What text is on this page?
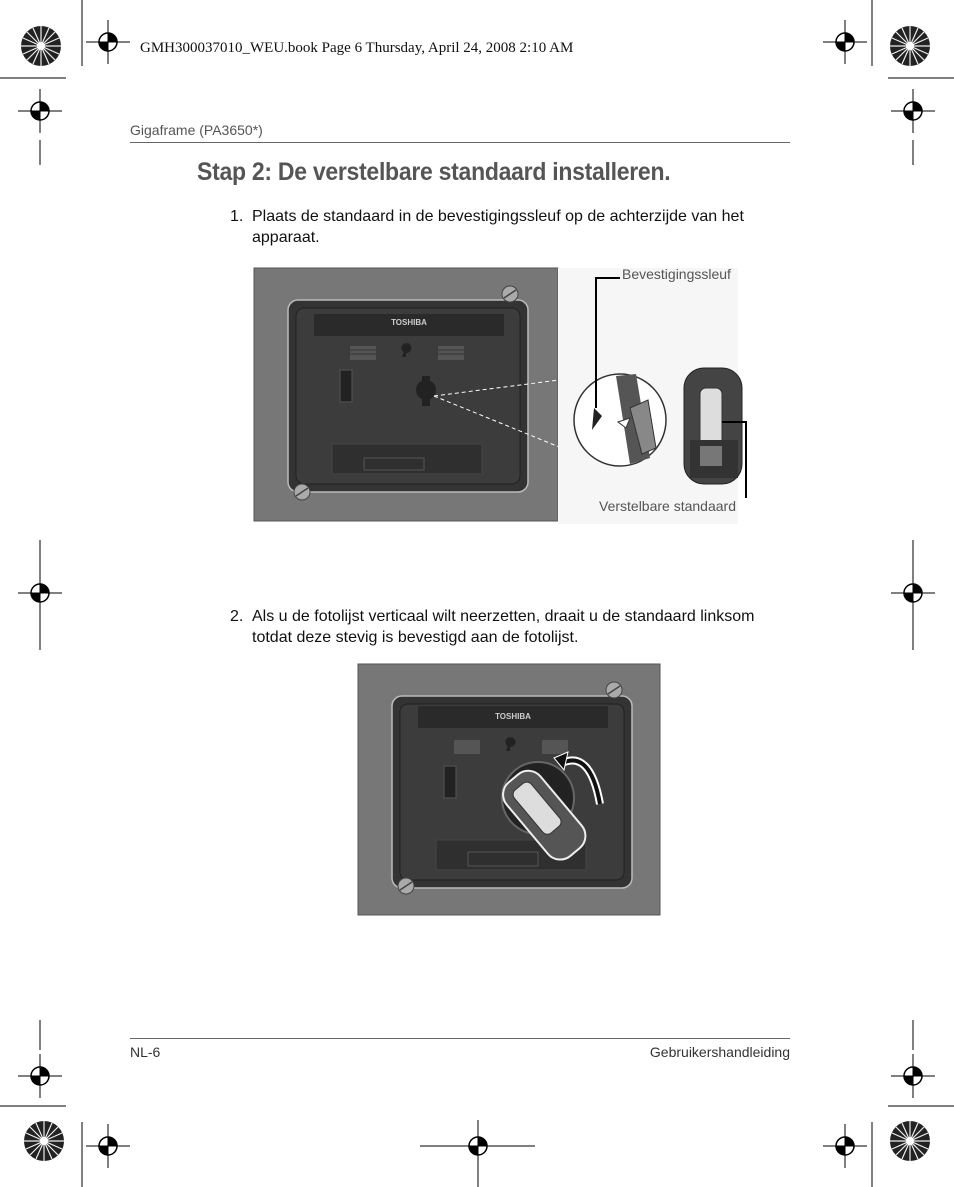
GMH300037010_WEU.book Page 6 Thursday, April 24, 2008 2:10 AM
Gigaframe (PA3650*)
Stap 2: De verstelbare standaard installeren.
1. Plaats de standaard in de bevestigingssleuf op de achterzijde van het apparaat.
TOSHIBA
Bevestigingssleuf
Verstelbare standaard
2. Als u de fotolijst verticaal wilt neerzetten, draait u de standaard linksom totdat deze stevig is bevestigd aan de fotolijst.
TOSHIBA
NL-6	Gebruikershandleiding
